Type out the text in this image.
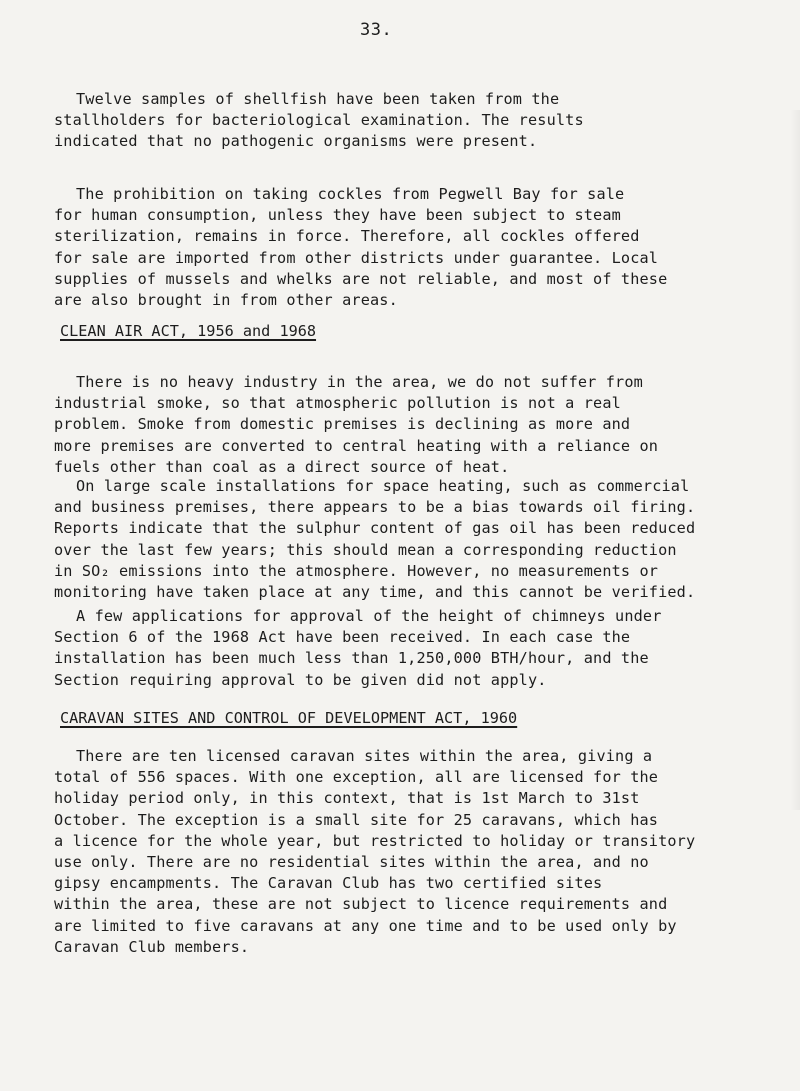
33.

Twelve samples of shellfish have been taken from the
stallholders for bacteriological examination. The results
indicated that no pathogenic organisms were present.

The prohibition on taking cockles from Pegwell Bay for sale
for human consumption, unless they have been subject to steam
sterilization, remains in force. Therefore, all cockles offered
for sale are imported from other districts under guarantee. Local
supplies of mussels and whelks are not reliable, and most of these
are also brought in from other areas.

CLEAN AIR ACT, 1956 and 1968

There is no heavy industry in the area, we do not suffer from
industrial smoke, so that atmospheric pollution is not a real
problem. Smoke from domestic premises is declining as more and
more premises are converted to central heating with a reliance on
fuels other than coal as a direct source of heat.

On large scale installations for space heating, such as commercial
and business premises, there appears to be a bias towards oil firing.
Reports indicate that the sulphur content of gas oil has been reduced
over the last few years; this should mean a corresponding reduction
in SO₂ emissions into the atmosphere. However, no measurements or
monitoring have taken place at any time, and this cannot be verified.

A few applications for approval of the height of chimneys under
Section 6 of the 1968 Act have been received. In each case the
installation has been much less than 1,250,000 BTH/hour, and the
Section requiring approval to be given did not apply.

CARAVAN SITES AND CONTROL OF DEVELOPMENT ACT, 1960

There are ten licensed caravan sites within the area, giving a
total of 556 spaces. With one exception, all are licensed for the
holiday period only, in this context, that is 1st March to 31st
October. The exception is a small site for 25 caravans, which has
a licence for the whole year, but restricted to holiday or transitory
use only. There are no residential sites within the area, and no
gipsy encampments. The Caravan Club has two certified sites
within the area, these are not subject to licence requirements and
are limited to five caravans at any one time and to be used only by
Caravan Club members.
